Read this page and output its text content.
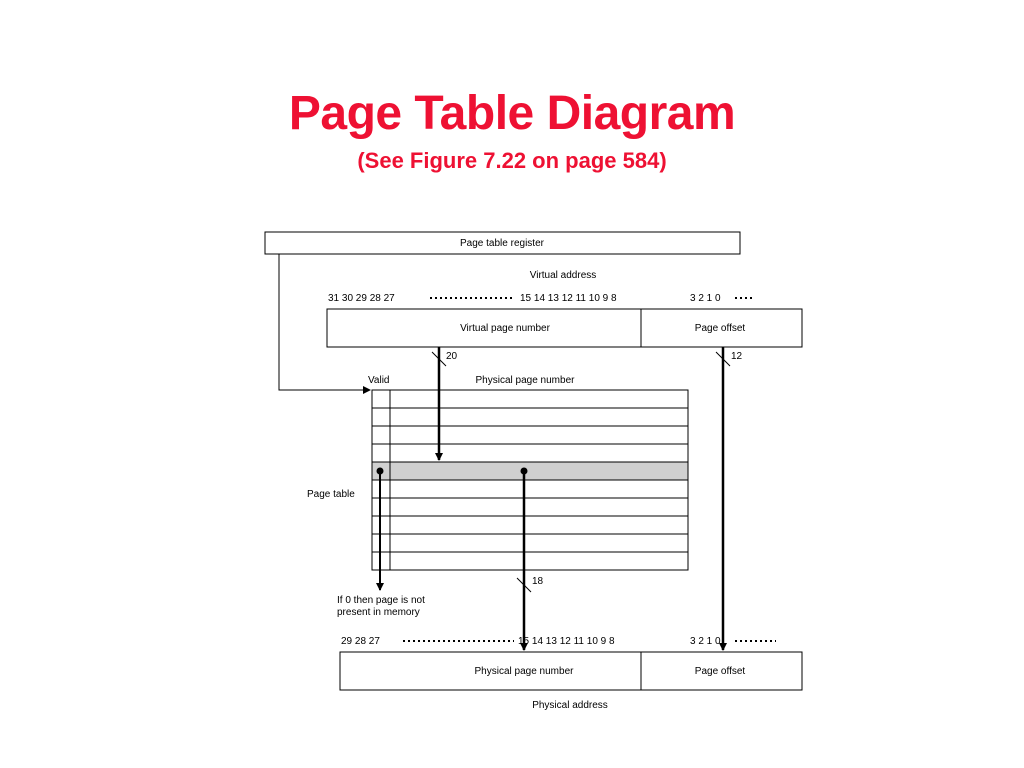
Page Table Diagram
(See Figure 7.22 on page 584)
Page table register
Virtual address
31 30 29 28 27	15 14 13 12 11 10 9 8	3 2 1 0
Virtual page number	Page offset
20	12
Valid	Physical page number
Page table
If 0 then page is not
present in memory
18
29 28 27	15 14 13 12 11 10 9 8	3 2 1 0
Physical page number	Page offset
Physical address
